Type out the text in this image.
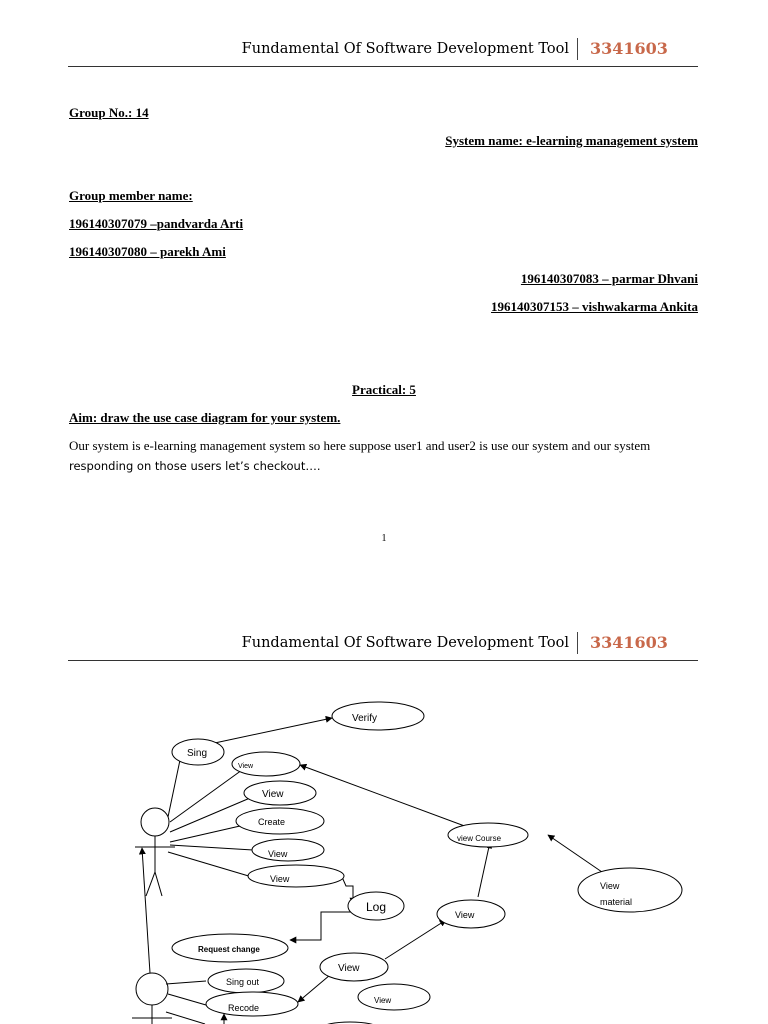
Fundamental Of Software Development Tool	3341603
Group No.: 14
System name: e-learning management system
Group member name:
196140307079 –pandvarda Arti
196140307080 – parekh Ami
196140307083 – parmar Dhvani
196140307153 – vishwakarma Ankita
Practical: 5
Aim: draw the use case diagram for your system.
Our system is e-learning management system so here suppose user1 and user2 is use our system and our system
responding on those users let’s checkout….
1
Fundamental Of Software Development Tool	3341603
Verify
Sing
View
View
Create
View
View
view Course
View
material
Log
View
Request change
View
Sing out
Recode
View
